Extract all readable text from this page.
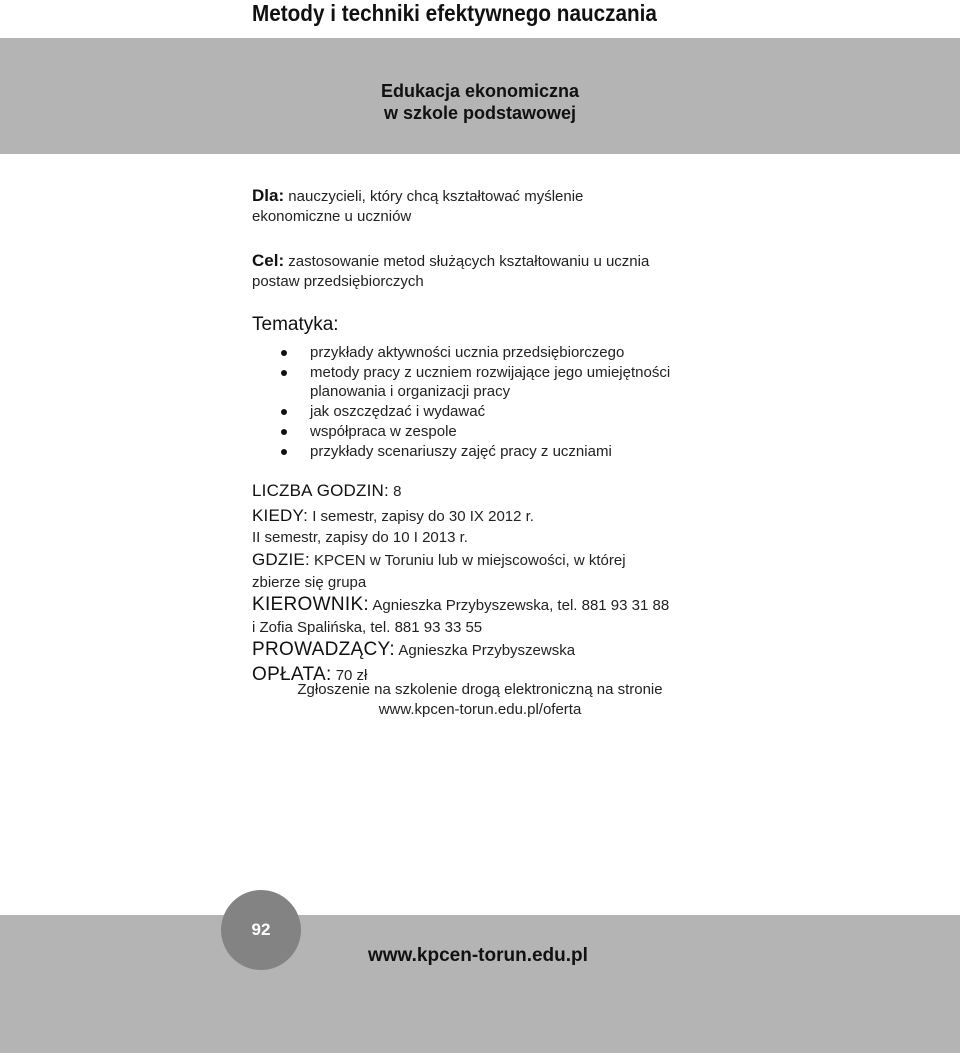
Metody i techniki efektywnego nauczania
Edukacja ekonomiczna
w szkole podstawowej
Dla: nauczycieli, który chcą kształtować myślenie
ekonomiczne u uczniów
Cel: zastosowanie metod służących kształtowaniu u ucznia
postaw przedsiębiorczych
Tematyka:
przykłady aktywności ucznia przedsiębiorczego
metody pracy z uczniem rozwijające jego umiejętności
planowania i organizacji pracy
jak oszczędzać i wydawać
współpraca w zespole
przykłady scenariuszy zajęć pracy z uczniami
LICZBA GODZIN: 8
KIEDY: I semestr, zapisy do 30 IX 2012 r.
II semestr, zapisy do 10 I 2013 r.
GDZIE: KPCEN w Toruniu lub w miejscowości, w której
zbierze się grupa
KIEROWNIK: Agnieszka Przybyszewska, tel. 881 93 31 88
i Zofia Spalińska, tel. 881 93 33 55
PROWADZĄCY: Agnieszka Przybyszewska
OPŁATA: 70 zł
Zgłoszenie na szkolenie drogą elektroniczną na stronie
www.kpcen-torun.edu.pl/oferta
92
www.kpcen-torun.edu.pl
